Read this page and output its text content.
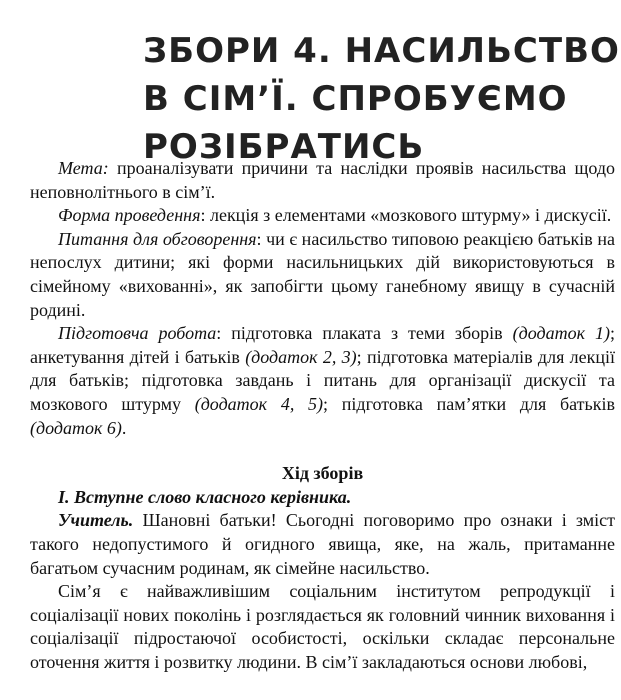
ЗБОРИ 4. НАСИЛЬСТВО
В СІМ’Ї. СПРОБУЄМО
РОЗІБРАТИСЬ

Мета: проаналізувати причини та наслідки проявів насильства щодо неповнолітнього в сім’ї.

Форма проведення: лекція з елементами «мозкового штурму» і дискусії.

Питання для обговорення: чи є насильство типовою реакцією батьків на непослух дитини; які форми насильницьких дій використовуються в сімейному «вихованні», як запобігти цьому ганебному явищу в сучасній родині.

Підготовча робота: підготовка плаката з теми зборів (додаток 1); анкетування дітей і батьків (додаток 2, 3); підготовка матеріалів для лекції для батьків; підготовка завдань і питань для організації дискусії та мозкового штурму (додаток 4, 5); підготовка пам’ятки для батьків (додаток 6).

Хід зборів

I. Вступне слово класного керівника.

Учитель. Шановні батьки! Сьогодні поговоримо про ознаки і зміст такого недопустимого й огидного явища, яке, на жаль, притаманне багатьом сучасним родинам, як сімейне насильство.

Сім’я є найважливішим соціальним інститутом репродукції і соціалізації нових поколінь і розглядається як головний чинник виховання і соціалізації підростаючої особистості, оскільки складає персональне оточення життя і розвитку людини. В сім’ї закладаються основи любові,
